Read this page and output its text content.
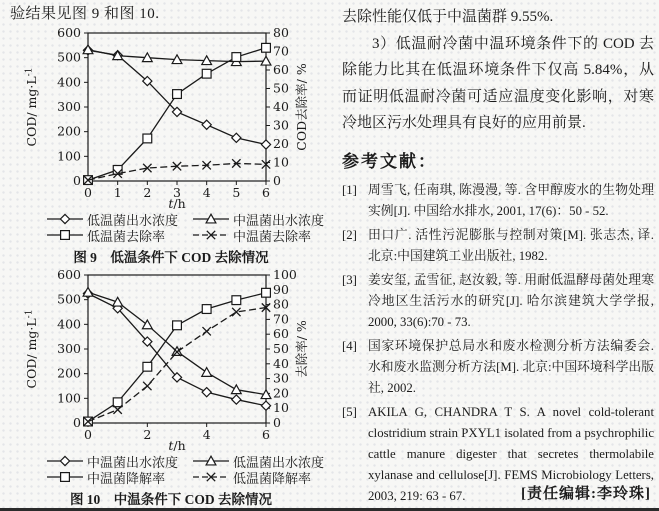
验结果见图 9 和图 10.
0
100
200
300
400
500
600
0
10
20
30
40
50
60
70
80
0 1 2 3 4 5 6
COD/ $mg\cdot L^{-1}$	COD去除率/ %
t/h
低温菌出水浓度	中温菌出水浓度
低温菌去除率	中温菌去除率
图 9　低温条件下 COD 去除情况
0
100
200
300
400
500
600
0
10
20
30
40
50
60
70
80
90
100
0	2	4	6
COD/ $mg\cdot L^{-1}$
去除率/ %
t/h
中温菌出水浓度	低温菌出水浓度
中温菌降解率	低温菌降解率
图 10　中温条件下 COD 去除情况

去除性能仅低于中温菌群 9.55%.

3）低温耐冷菌中温环境条件下的 COD 去除能力比其在低温环境条件下仅高 5.84%，从而证明低温耐冷菌可适应温度变化影响，对寒冷地区污水处理具有良好的应用前景.

参考文献：
[1] 周雪飞, 任南琪, 陈漫漫, 等. 含甲醇废水的生物处理实例[J]. 中国给水排水, 2001, 17(6)：50 - 52.
[2] 田口广. 活性污泥膨胀与控制对策[M]. 张志杰, 译. 北京:中国建筑工业出版社, 1982.
[3] 姜安玺, 孟雪征, 赵汝毅, 等. 用耐低温酵母菌处理寒冷地区生活污水的研究[J]. 哈尔滨建筑大学学报, 2000, 33(6):70 - 73.
[4] 国家环境保护总局水和废水检测分析方法编委会. 水和废水监测分析方法[M]. 北京:中国环境科学出版社, 2002.
[5] AKILA G, CHANDRA T S. A novel cold-tolerant clostridium strain PXYL1 isolated from a psychrophilic cattle manure digester that secretes thermolabile xylanase and cellulose[J]. FEMS Microbiology Letters, 2003, 219: 63 - 67.	[责任编辑:李玲珠]
